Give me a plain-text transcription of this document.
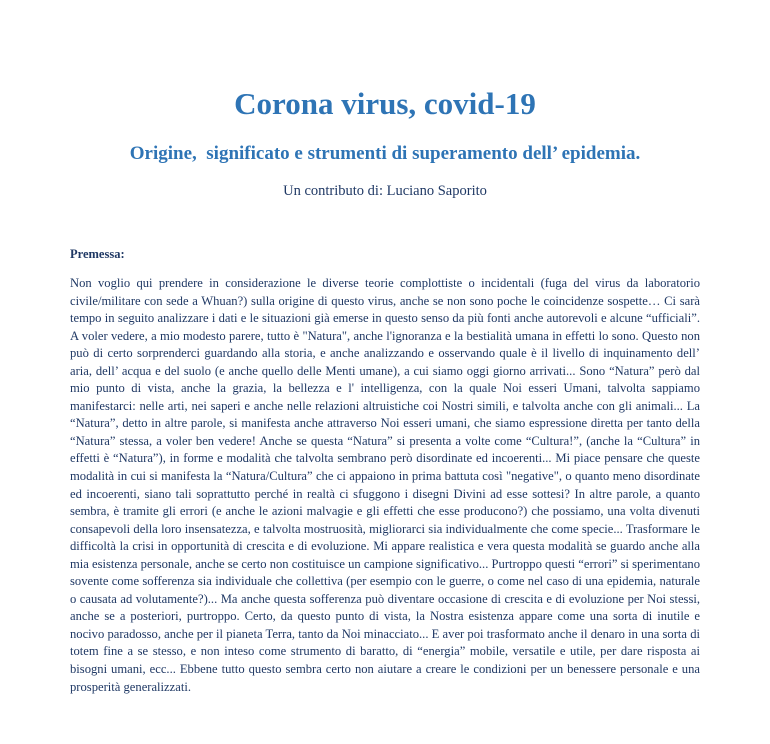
Corona virus, covid-19
Origine,  significato e strumenti di superamento dell’ epidemia.
Un contributo di: Luciano Saporito
Premessa:

Non voglio qui prendere in considerazione le diverse teorie complottiste o incidentali (fuga del virus da laboratorio civile/militare con sede a Whuan?) sulla origine di questo virus, anche se non sono poche le coincidenze sospette… Ci sarà tempo in seguito analizzare i dati e le situazioni già emerse in questo senso da più fonti anche autorevoli e alcune “ufficiali”. A voler vedere, a mio modesto parere, tutto è "Natura", anche l'ignoranza e la bestialità umana in effetti lo sono. Questo non può di certo sorprenderci guardando alla storia, e anche analizzando e osservando quale è il livello di inquinamento dell’ aria, dell’ acqua e del suolo (e anche quello delle Menti umane), a cui siamo oggi giorno arrivati... Sono “Natura” però dal mio punto di vista, anche la grazia, la bellezza e l' intelligenza, con la quale Noi esseri Umani, talvolta sappiamo manifestarci: nelle arti, nei saperi e anche nelle relazioni altruistiche coi Nostri simili, e talvolta anche con gli animali... La “Natura”, detto in altre parole, si manifesta anche attraverso Noi esseri umani, che siamo espressione diretta per tanto della “Natura” stessa, a voler ben vedere! Anche se questa “Natura” si presenta a volte come “Cultura!”, (anche la “Cultura” in effetti è “Natura”), in forme e modalità che talvolta sembrano però disordinate ed incoerenti... Mi piace pensare che queste modalità in cui si manifesta la “Natura/Cultura” che ci appaiono in prima battuta così "negative", o quanto meno disordinate ed incoerenti, siano tali soprattutto perché in realtà ci sfuggono i disegni Divini ad esse sottesi? In altre parole, a quanto sembra, è tramite gli errori (e anche le azioni malvagie e gli effetti che esse producono?) che possiamo, una volta divenuti consapevoli della loro insensatezza, e talvolta mostruosità, migliorarci sia individualmente che come specie... Trasformare le difficoltà la crisi in opportunità di crescita e di evoluzione. Mi appare realistica e vera questa modalità se guardo anche alla mia esistenza personale, anche se certo non costituisce un campione significativo... Purtroppo questi “errori” si sperimentano sovente come sofferenza sia individuale che collettiva (per esempio con le guerre, o come nel caso di una epidemia, naturale o causata ad volutamente?)... Ma anche questa sofferenza può diventare occasione di crescita e di evoluzione per Noi stessi, anche se a posteriori, purtroppo. Certo, da questo punto di vista, la Nostra esistenza appare come una sorta di inutile e nocivo paradosso, anche per il pianeta Terra, tanto da Noi minacciato... E aver poi trasformato anche il denaro in una sorta di totem fine a se stesso, e non inteso come strumento di baratto, di “energia” mobile, versatile e utile, per dare risposta ai bisogni umani, ecc... Ebbene tutto questo sembra certo non aiutare a creare le condizioni per un benessere personale e una prosperità generalizzati.
